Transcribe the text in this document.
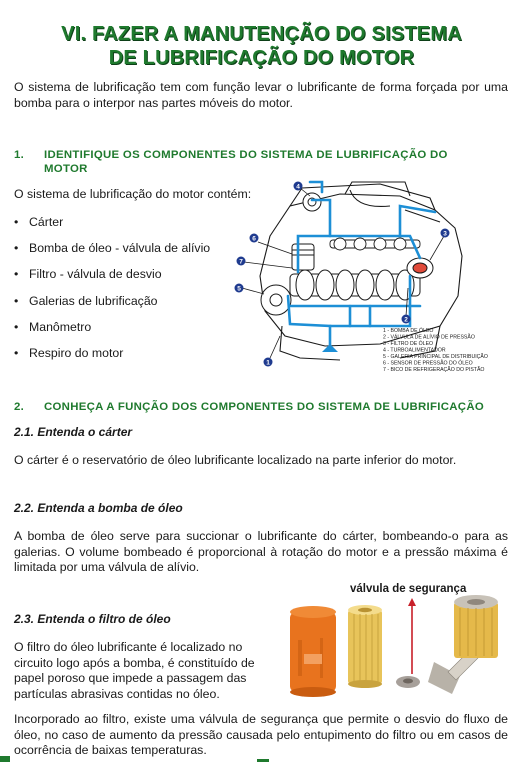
VI. FAZER A MANUTENÇÃO DO SISTEMA
DE LUBRIFICAÇÃO DO MOTOR
O sistema de lubrificação tem com função levar o lubrificante de forma forçada por uma bomba para o interpor nas partes móveis do motor.
1. IDENTIFIQUE OS COMPONENTES DO SISTEMA DE LUBRIFICAÇÃO DO
MOTOR
O sistema de lubrificação do motor contém:
• Cárter
• Bomba de óleo - válvula de alívio
• Filtro - válvula de desvio
• Galerias de lubrificação
• Manômetro
• Respiro do motor
1
2
3
4
5
6
7
1 - BOMBA DE ÓLEO
2 - VÁLVULA DE ALÍVIO DE PRESSÃO
3 - FILTRO DE ÓLEO
4 - TURBOALIMENTADOR
5 - GALERIA PRINCIPAL DE DISTRIBUIÇÃO
6 - SENSOR DE PRESSÃO DO ÓLEO
7 - BICO DE REFRIGERAÇÃO DO PISTÃO
2. CONHEÇA A FUNÇÃO DOS COMPONENTES DO SISTEMA DE LUBRIFICAÇÃO
2.1. Entenda o cárter
O cárter é o reservatório de óleo lubrificante localizado na parte inferior do motor.
2.2. Entenda a bomba de óleo
A bomba de óleo serve para succionar o lubrificante do cárter, bombeando-o para as galerias. O volume bombeado é proporcional à rotação do motor e a pressão máxima é limitada por uma válvula de alívio.
válvula de segurança
2.3. Entenda o filtro de óleo
O filtro do óleo lubrificante é localizado no circuito logo após a bomba, é constituído de papel poroso que impede a passagem das partículas abrasivas contidas no óleo.
Incorporado ao filtro, existe uma válvula de segurança que permite o desvio do fluxo de óleo, no caso de aumento da pressão causada pelo entupimento do filtro ou em casos de ocorrência de baixas temperaturas.
